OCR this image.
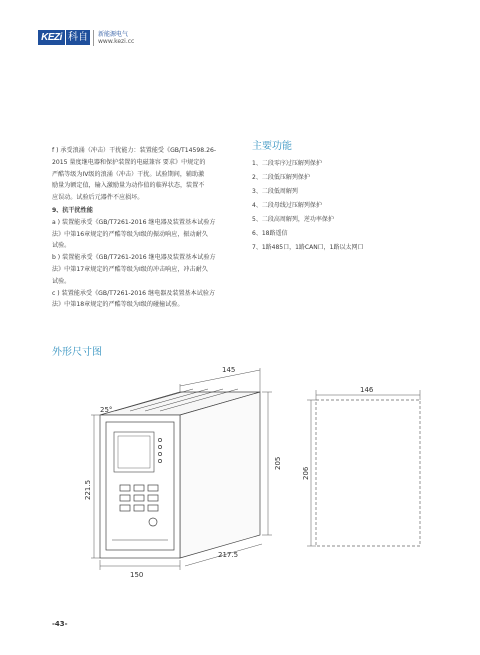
KEZi 科自	新能源电气
www.kezi.cc
f ) 承受浪涌（冲击）干扰能力：装置能受《GB/T14598.26-
2015 量度继电器和保护装置的电磁兼容 要求》中规定的
严酷等级为IV级的浪涌（冲击）干扰。试验期间，辅助激
励量为额定值，输入激励量为动作值的临界状态，装置不
应误动。试验后元器件不应损坏。
9、抗干扰性能
a ) 装置能承受《GB/T7261-2016 继电器及装置基本试验方
法》中第16章规定的严酷等级为Ⅰ级的振动响应，振动耐久
试验。
b ) 装置能承受《GB/T7261-2016 继电器及装置基本试验方
法》中第17章规定的严酷等级为Ⅰ级的冲击响应，冲击耐久
试验。
c ) 装置能承受《GB/T7261-2016 继电器及装置基本试验方
法》中第18章规定的严酷等级为Ⅰ级的碰撞试验。
主要功能
1、二段零序过压解列保护
2、二段低压解列保护
3、二段低周解列
4、二段母线过压解列保护
5、二段高周解列，逆功率保护
6、18路遥信
7、1路485口，1路CAN口，1路以太网口
外形尺寸图
145
25°
221.5
205
217.5
150
146
206
-43-
